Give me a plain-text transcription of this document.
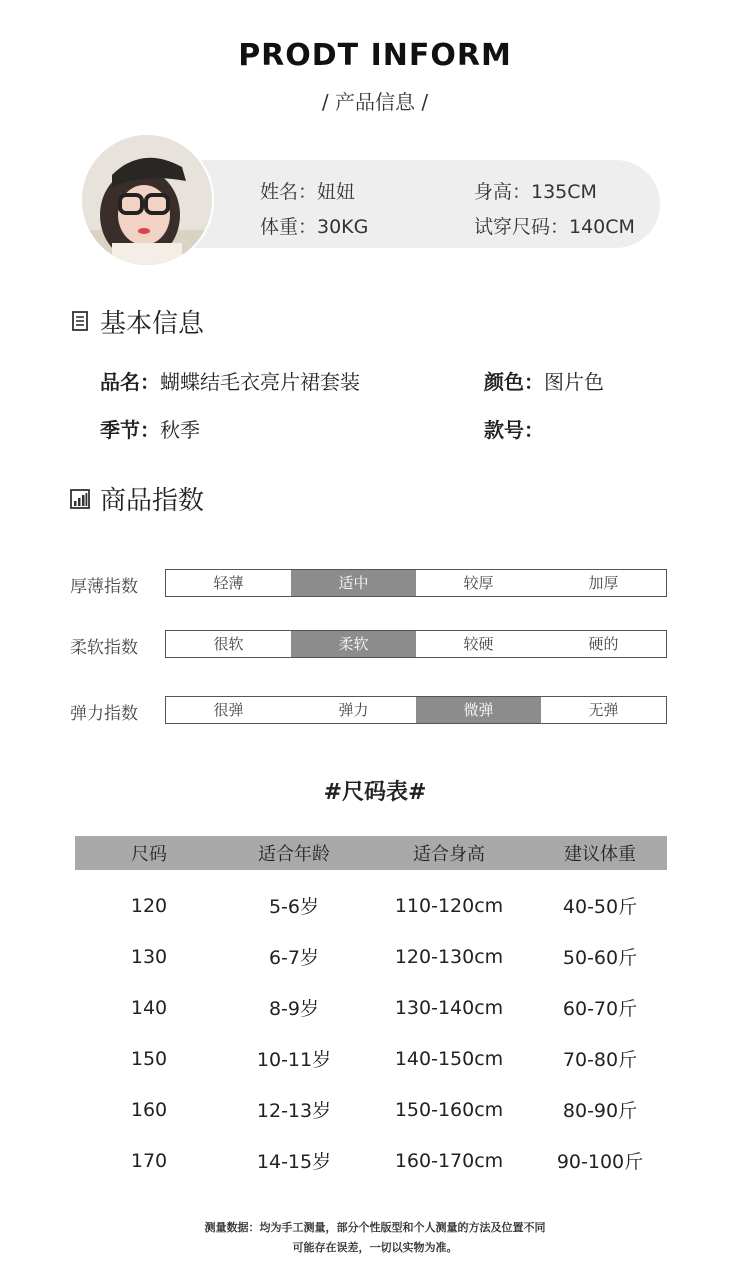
PRODT INFORM
/ 产品信息 /
姓名：妞妞	身高：135CM
体重：30KG	试穿尺码：140CM
基本信息
品名：蝴蝶结毛衣亮片裙套装	颜色：图片色
季节：秋季	款号：
商品指数
厚薄指数	轻薄	适中	较厚	加厚
柔软指数	很软	柔软	较硬	硬的
弹力指数	很弹	弹力	微弹	无弹
#尺码表#
尺码	适合年龄	适合身高	建议体重
120	5-6岁	110-120cm	40-50斤
130	6-7岁	120-130cm	50-60斤
140	8-9岁	130-140cm	60-70斤
150	10-11岁	140-150cm	70-80斤
160	12-13岁	150-160cm	80-90斤
170	14-15岁	160-170cm	90-100斤
测量数据：均为手工测量，部分个性版型和个人测量的方法及位置不同
可能存在误差，一切以实物为准。
